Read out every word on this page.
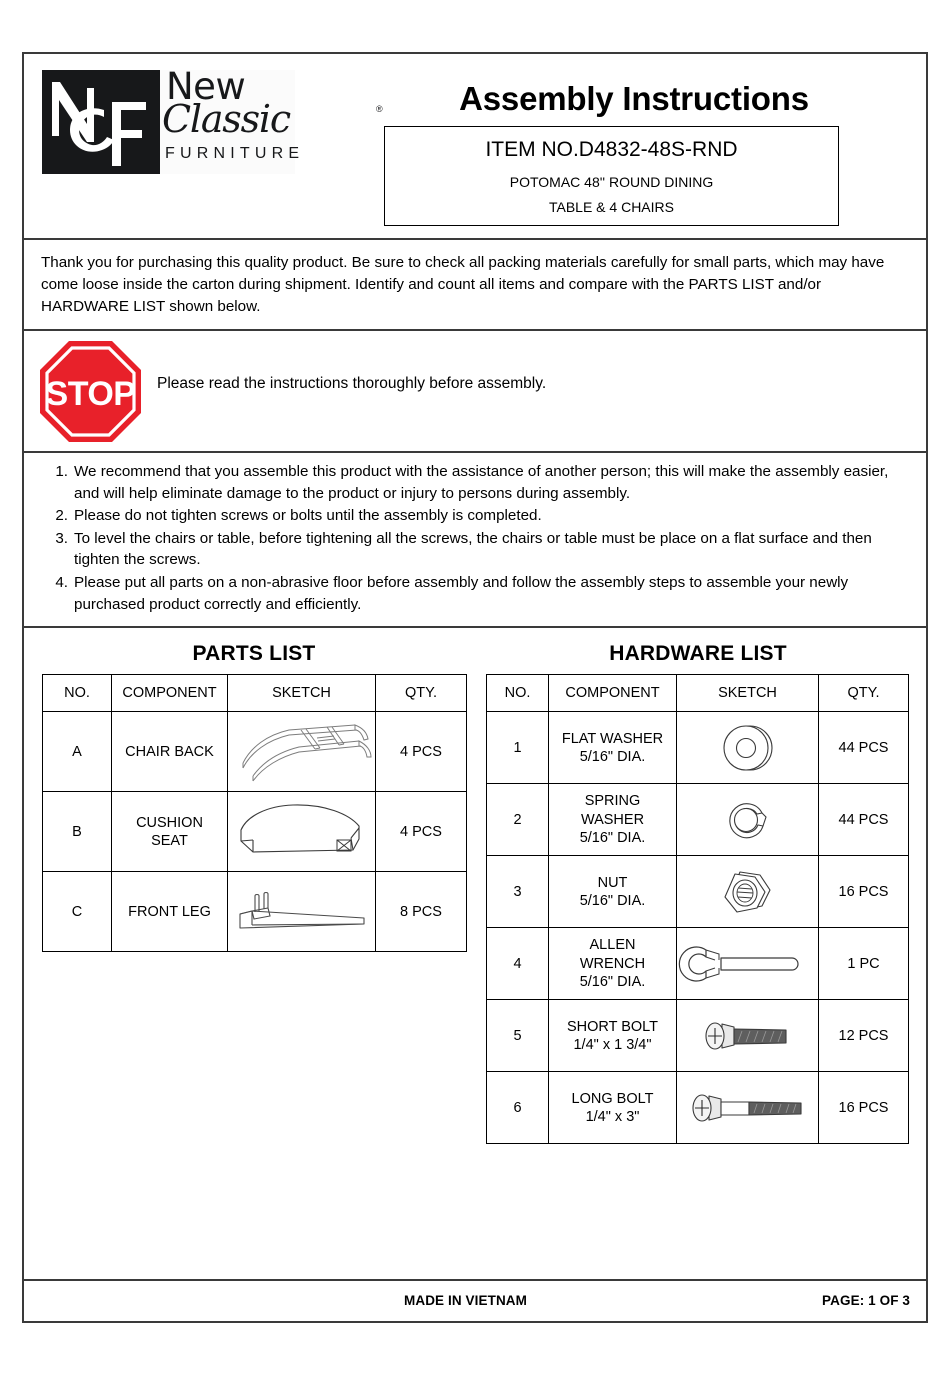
New
Classic	®
FURNITURE
Assembly Instructions
ITEM NO.D4832-48S-RND
POTOMAC 48'' ROUND DINING
TABLE & 4 CHAIRS
Thank you for purchasing this quality product. Be sure to check all packing materials carefully for small parts, which may have come loose inside the carton during shipment. Identify and count all items and compare with the PARTS LIST and/or HARDWARE LIST shown below.
STOP Please read the instructions thoroughly before assembly.
1. We recommend that you assemble this product with the assistance of another person; this will make the assembly easier, and will help eliminate damage to the product or injury to persons during assembly.
2. Please do not tighten screws or bolts until the assembly is completed.
3. To level the chairs or table, before tightening all the screws, the chairs or table must be place on a flat surface and then tighten the screws.
4. Please put all parts on a non-abrasive floor before assembly and follow the assembly steps to assemble your newly purchased product correctly and efficiently.
PARTS LIST
NO.	COMPONENT	SKETCH	QTY.
A	CHAIR BACK		4 PCS
B	CUSHION
SEAT		4 PCS
C	FRONT LEG		8 PCS
HARDWARE LIST
NO.	COMPONENT	SKETCH	QTY.
1	FLAT WASHER
5/16" DIA.		44 PCS
2	SPRING
WASHER
5/16" DIA.		44 PCS
3	NUT
5/16" DIA.		16 PCS
4	ALLEN
WRENCH
5/16" DIA.		1 PC
5	SHORT BOLT
1/4" x 1 3/4"		12 PCS
6	LONG BOLT
1/4" x 3"		16 PCS
MADE IN VIETNAM	PAGE: 1 OF 3
